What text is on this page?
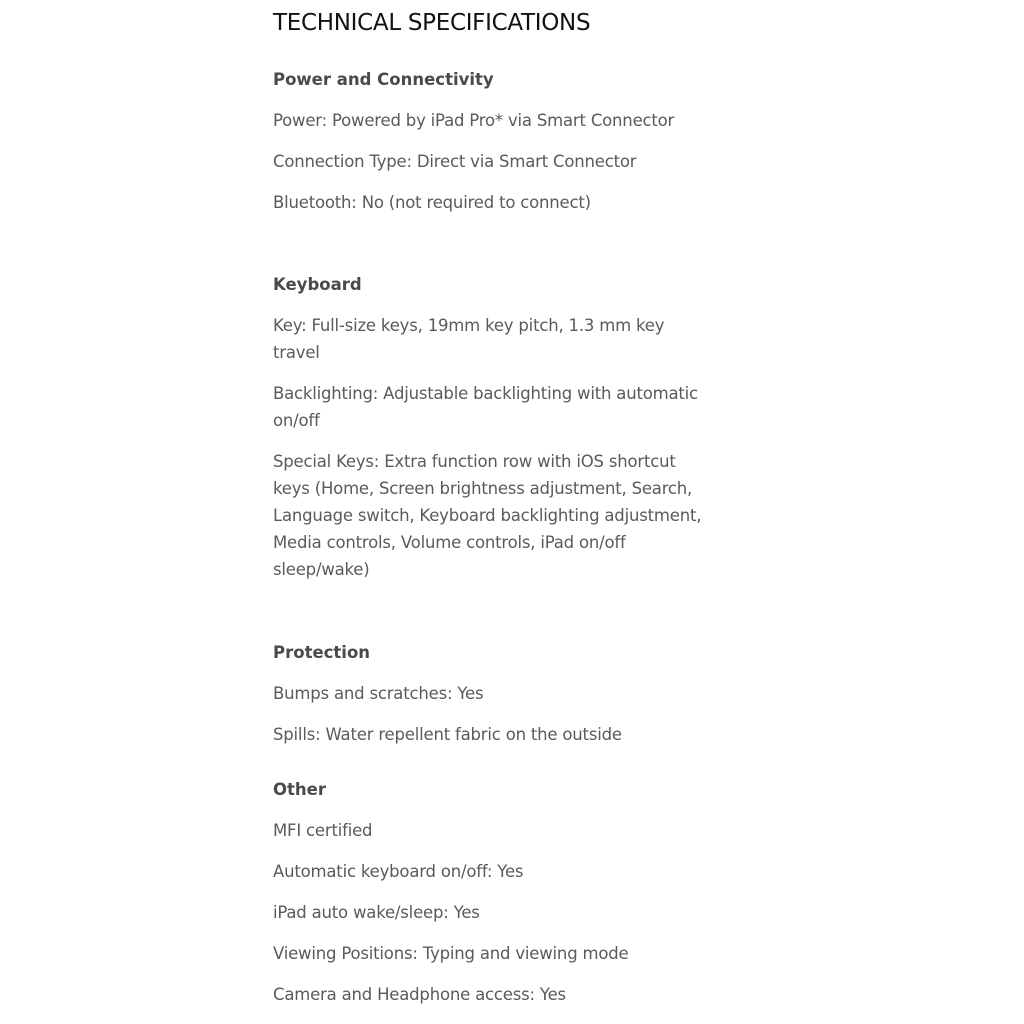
TECHNICAL SPECIFICATIONS
Power and Connectivity

Power: Powered by iPad Pro* via Smart Connector

Connection Type: Direct via Smart Connector

Bluetooth: No (not required to connect)

Keyboard

Key: Full-size keys, 19mm key pitch, 1.3 mm key travel

Backlighting: Adjustable backlighting with automatic on/off

Special Keys: Extra function row with iOS shortcut keys (Home, Screen brightness adjustment, Search, Language switch, Keyboard backlighting adjustment, Media controls, Volume controls, iPad on/off sleep/wake)

Protection

Bumps and scratches: Yes

Spills: Water repellent fabric on the outside

Other

MFI certified

Automatic keyboard on/off: Yes

iPad auto wake/sleep: Yes

Viewing Positions: Typing and viewing mode

Camera and Headphone access: Yes
